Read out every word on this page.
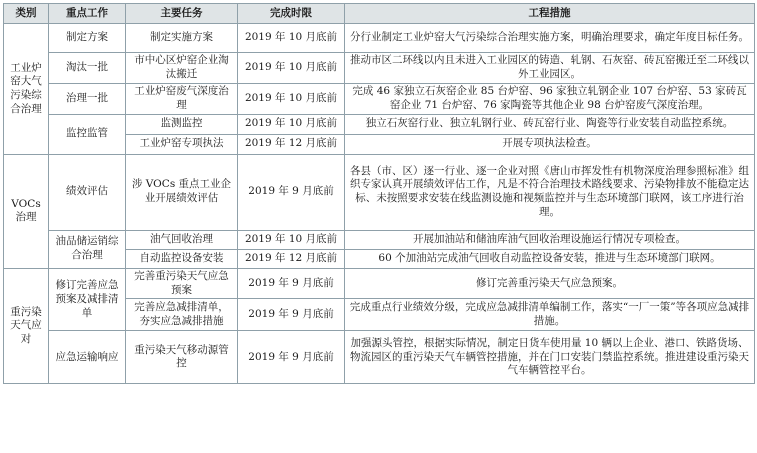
类别	重点工作	主要任务	完成时限	工程措施
工业炉窑大气污染综合治理	制定方案	制定实施方案	2019 年 10 月底前	分行业制定工业炉窑大气污染综合治理实施方案，明确治理要求，确定年度目标任务。
	淘汰一批	市中心区炉窑企业淘汰搬迁	2019 年 10 月底前	推动市区二环线以内且未进入工业园区的铸造、轧钢、石灰窑、砖瓦窑搬迁至二环线以外工业园区。
	治理一批	工业炉窑废气深度治理	2019 年 10 月底前	完成 46 家独立石灰窑企业 85 台炉窑、96 家独立轧钢企业 107 台炉窑、53 家砖瓦窑企业 71 台炉窑、76 家陶瓷等其他企业 98 台炉窑废气深度治理。
	监控监管	监测监控	2019 年 10 月底前	独立石灰窑行业、独立轧钢行业、砖瓦窑行业、陶瓷等行业安装自动监控系统。
		工业炉窑专项执法	2019 年 12 月底前	开展专项执法检查。
VOCs治理	绩效评估	涉 VOCs 重点工业企业开展绩效评估	2019 年 9 月底前	各县（市、区）逐一行业、逐一企业对照《唐山市挥发性有机物深度治理参照标准》组织专家认真开展绩效评估工作，凡是不符合治理技术路线要求、污染物排放不能稳定达标、未按照要求安装在线监测设施和视频监控并与生态环境部门联网，该工序进行治理。
	油品储运销综合治理	油气回收治理	2019 年 10 月底前	开展加油站和储油库油气回收治理设施运行情况专项检查。
		自动监控设备安装	2019 年 12 月底前	60 个加油站完成油气回收自动监控设备安装，推进与生态环境部门联网。
重污染天气应对	修订完善应急预案及减排清单	完善重污染天气应急预案	2019 年 9 月底前	修订完善重污染天气应急预案。
		完善应急减排清单，夯实应急减排措施	2019 年 9 月底前	完成重点行业绩效分级，完成应急减排清单编制工作，落实“一厂一策”等各项应急减排措施。
	应急运输响应	重污染天气移动源管控	2019 年 9 月底前	加强源头管控，根据实际情况，制定日货车使用量 10 辆以上企业、港口、铁路货场、物流园区的重污染天气车辆管控措施，并在门口安装门禁监控系统。推进建设重污染天气车辆管控平台。
